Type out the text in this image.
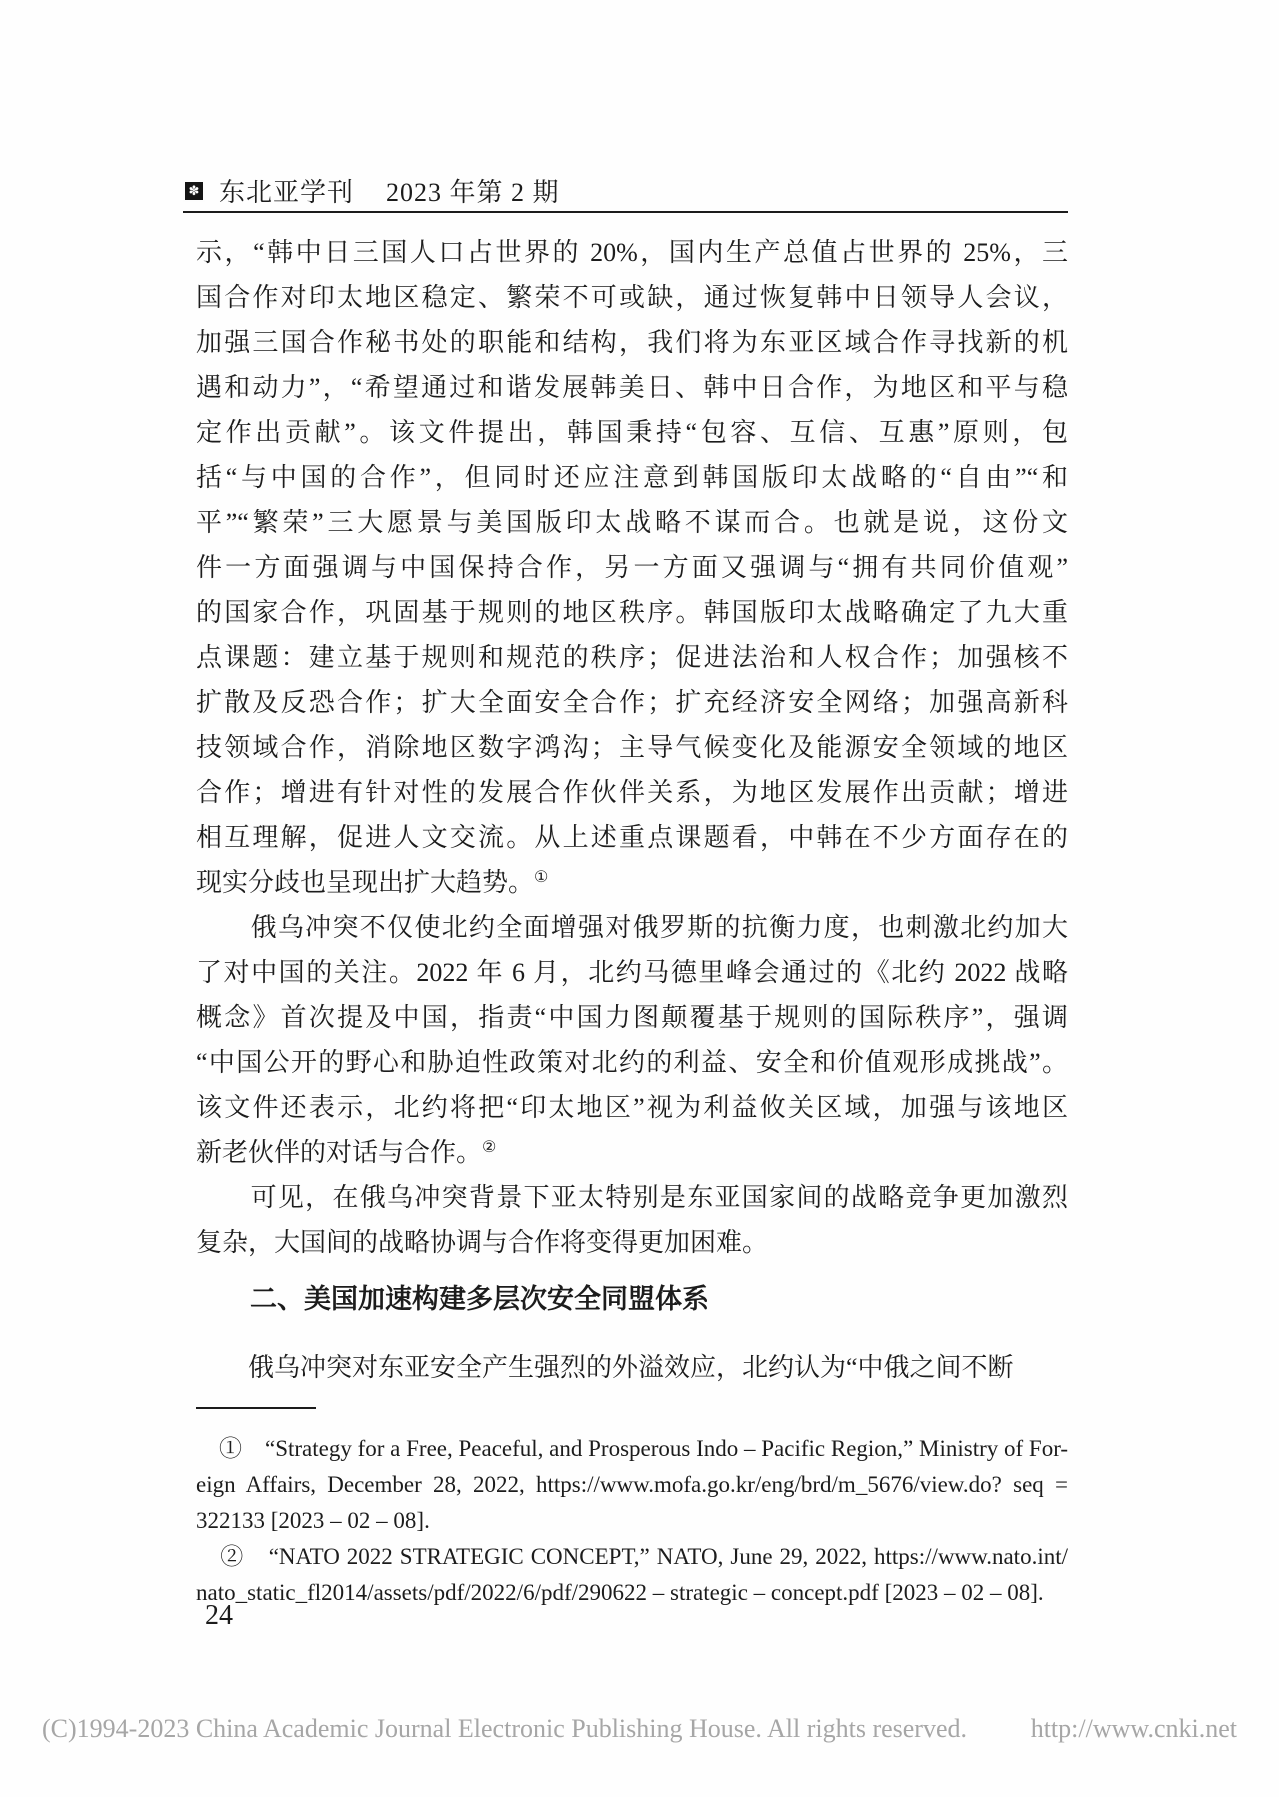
✽ 东北亚学刊 2023 年第 2 期
示，“韩中日三国人口占世界的 20%，国内生产总值占世界的 25%，三
国合作对印太地区稳定、繁荣不可或缺，通过恢复韩中日领导人会议，
加强三国合作秘书处的职能和结构，我们将为东亚区域合作寻找新的机
遇和动力”，“希望通过和谐发展韩美日、韩中日合作，为地区和平与稳
定作出贡献”。该文件提出，韩国秉持“包容、互信、互惠”原则，包
括“与中国的合作”，但同时还应注意到韩国版印太战略的“自由”“和
平”“繁荣”三大愿景与美国版印太战略不谋而合。也就是说，这份文
件一方面强调与中国保持合作，另一方面又强调与“拥有共同价值观”
的国家合作，巩固基于规则的地区秩序。韩国版印太战略确定了九大重
点课题：建立基于规则和规范的秩序；促进法治和人权合作；加强核不
扩散及反恐合作；扩大全面安全合作；扩充经济安全网络；加强高新科
技领域合作，消除地区数字鸿沟；主导气候变化及能源安全领域的地区
合作；增进有针对性的发展合作伙伴关系，为地区发展作出贡献；增进
相互理解，促进人文交流。从上述重点课题看，中韩在不少方面存在的
现实分歧也呈现出扩大趋势。①
　　俄乌冲突不仅使北约全面增强对俄罗斯的抗衡力度，也刺激北约加大
了对中国的关注。2022 年 6 月，北约马德里峰会通过的《北约 2022 战略
概念》首次提及中国，指责“中国力图颠覆基于规则的国际秩序”，强调
“中国公开的野心和胁迫性政策对北约的利益、安全和价值观形成挑战”。
该文件还表示，北约将把“印太地区”视为利益攸关区域，加强与该地区
新老伙伴的对话与合作。②
　　可见，在俄乌冲突背景下亚太特别是东亚国家间的战略竞争更加激烈
复杂，大国间的战略协调与合作将变得更加困难。
二、美国加速构建多层次安全同盟体系
　　俄乌冲突对东亚安全产生强烈的外溢效应，北约认为“中俄之间不断
　①　“Strategy for a Free, Peaceful, and Prosperous Indo – Pacific Region,” Ministry of For-
eign Affairs, December 28, 2022, https://www.mofa.go.kr/eng/brd/m_5676/view.do? seq =
322133 [2023 – 02 – 08].
　②　“NATO 2022 STRATEGIC CONCEPT,” NATO, June 29, 2022, https://www.nato.int/
nato_static_fl2014/assets/pdf/2022/6/pdf/290622 – strategic – concept.pdf [2023 – 02 – 08].
24
(C)1994-2023 China Academic Journal Electronic Publishing House. All rights reserved. http://www.cnki.net
